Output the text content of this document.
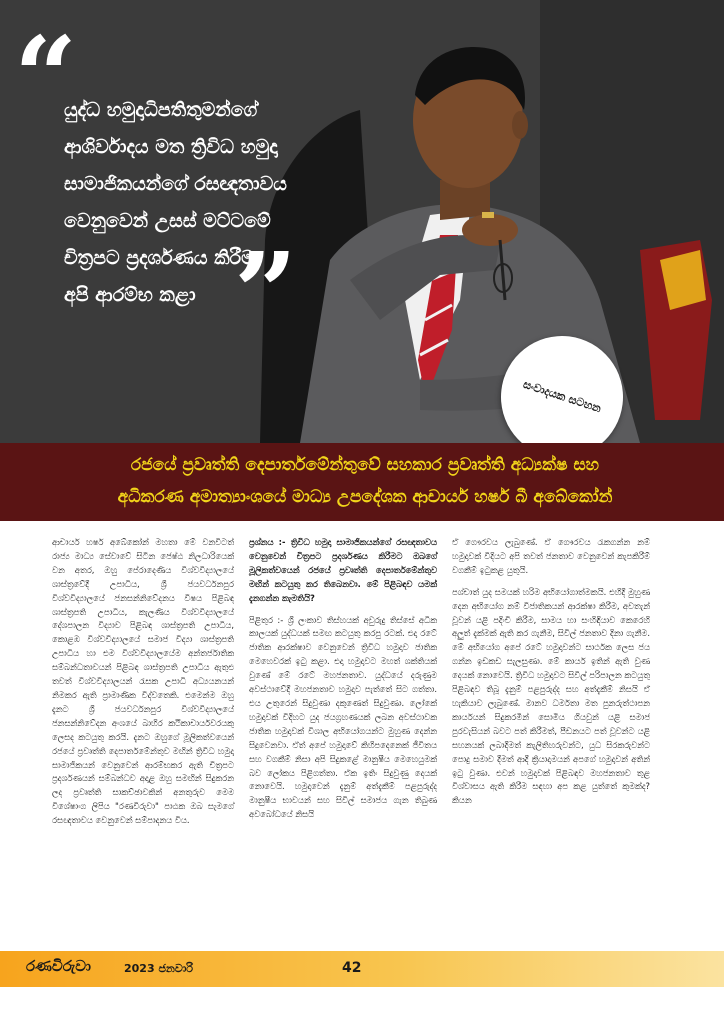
“
යුද්ධ හමුදාධිපතිතුමන්ගේ
ආශිර්වාදය මත ත්‍රිවිධ හමුදා
සාමාජිකයන්ගේ රසඥතාවය
වෙනුවෙන් උසස් මට්ටමේ
චිත්‍රපට ප්‍රදර්ශණය කිරීම
අපි ආරම්භ කළා ”
සංවාදයක සටහන
රජයේ ප්‍රවෘත්ති දෙපාර්තමේන්තුවේ සහකාර ප්‍රවෘත්ති අධ්‍යක්ෂ සහ
අධිකරණ අමාත්‍යාංශයේ මාධ්‍ය උපදේශක ආචාර්ය හර්ෂ බී අබේකෝන්

ආචාර්ය හර්ෂ අබේකෝන් මහතා මේ වනවිටත් රාජ්‍ය මාධ්‍ය සේවාවේ සිටින ජෙෂ්ඨ නිලධාරියෙක් වන අතර, ඔහු පේරාදෙණිය විශ්වවිද්‍යාලයේ ශාස්ත්‍රවේදී උපාධිය, ශ්‍රී ජයවර්ධනපුර විශ්වවිද්‍යාලයේ ජනසන්නිවේදනය විෂය පිළිබඳ ශාස්ත්‍රපති උපාධිය, කැලණිය විශ්වවිද්‍යාලයේ දේශපාලන විද්‍යාව පිළිබඳ ශාස්ත්‍රපති උපාධිය, කොළඹ විශ්වවිද්‍යාලයේ සමාජ විද්‍යා ශාස්ත්‍රපති උපාධිය හා එම විශ්වවිද්‍යාලයේම අන්තර්ජාතික සම්බන්ධතාවයන් පිළිබඳ ශාස්ත්‍රපති උපාධිය ඇතුළු තවත් විශ්වවිද්‍යාලයන් රැසක උපාධි අධ්‍යයනයන් නිමකර ඇති ප්‍රාමාණික විද්වතෙකි. එමෙන්ම ඔහු දැනට ශ්‍රී ජයවර්ධනපුර විශ්වවිද්‍යාලයේ ජනසන්නිවේදන අංශයේ බාහිර කථිකාචාර්යවරයකු ලෙසද කටයුතු කරයි. දැනට ඔහුගේ මූලිකත්වයෙන් රජයේ ප්‍රවෘත්ති දෙපාර්තමේන්තුව මඟින් ත්‍රිවිධ හමුදා සාමාජිකයන් වෙනුවෙන් ආරම්භකර ඇති චිත්‍රපට ප්‍රදර්ශණයන් සම්බන්ධව අදාළ ඔහු සමඟින් සිදුකරන ලද ප්‍රවෘත්ති සාකච්ඡාවකින් අනතුරුව මෙම විශේෂාංග ලිපිය "රණවිරුවා" පාඨක ඔබ සැමගේ රසඥතාවය වෙනුවෙන් සම්පාදනය විය.

ප්‍රශ්නය :- ත්‍රිවිධ හමුදා සාමාජිකයන්ගේ රසඥතාවය වෙනුවෙන් චිත්‍රපට ප්‍රදර්ශණය කිරීමට ඔබගේ මූලිකත්වයෙන් රජයේ ප්‍රවෘත්ති දෙපාර්තමේන්තුව මඟින් කටයුතු කර තිබෙනවා. මේ පිළිබඳව යමක් දැනගන්න කැමතියි?

පිළිතුර :- ශ්‍රී ලංකාව තිස්හයක් අවුරුදු තිස්සේ අධික කාලයක් යුද්ධයක් සමඟ කටයුතු කරපු රටක්. එදා රටේ ජාතික ආරක්ෂාව වෙනුවෙන් ත්‍රිවිධ හමුදාව ජාතික මෙහෙවරක් ඉටු කළා. එදා හමුදාවට මහත් ශක්තියක් වුණේ මේ රටේ මහජනතාව. යුද්ධයේ දරුණුම අවස්ථාවේදී මහජනතාව හමුදාව පැත්තේ සිට ගත්තා. එය උතුරෙන් සිදුවුණා දකුණෙත් සිදුවුණා. ලෝකේ හමුදාවක් විදිහට යුද ජයග්‍රහණයක් ලබන අවස්ථාවක ජාතික හමුදාවක් විශාල අභියෝගයන්ට මුහුණ දෙන්න සිදුවෙනවා. ඒත් අපේ හමුදාවේ කිහිපදෙනෙක් ජීවිතය සහ වගකීම් නිසා අපි සිදුකළේ මානුෂීය මෙහෙයුමක් බව ලෝකය පිළිගත්තා. ඒක ඉතිං සිදුවුණු දෙයක් නොවෙයි. හමුදාවෙන් දැනුම් අත්දැකීම් පළපුරුද්ද මානුෂීය භාවයන් සහ සිවිල් සමාජය ගැන තිබුණ අවබෝධයේ නිසයි

ඒ ගෞරවය ලැබුණේ. ඒ ගෞරවය රැකගන්න නම් හමුදාවක් විදියට අපි තවත් ජනතාව වෙනුවෙන් කැපකිරීම් වගකීම් ඉටුකළ යුතුයි.

පශ්චාත් යුද සමයක් හරිම අභියෝගාත්මකයි. එහිදී මුහුණ දෙන අභියෝග නම් විජාතිකයන් ආරක්ෂා කිරීම, අවතැන් වූවන් යළි පදිංචි කිරීම, සාමය හා සංහිඳියාව කෙරෙහි අලුත් දැක්මක් ඇති කර ගැනීම, සිවිල් ජනතාව දිනා ගැනීම. මේ අභියෝග අපේ රටේ හමුදාවන්ට සාර්ථක ලෙස ජය ගන්න ඉඩකඩ සැලසුණා. මේ කාර්ය ඉතින් ඇති වුණ දෙයක් නොවෙයි. ත්‍රිවිධ හමුදාවට සිවිල් පරිපාලන කටයුතු පිළිබඳව තිබූ දැනුම් පළපුරුද්ද සහ අත්දැකීම් නිසයි ඒ හැකියාව ලැබුණේ. මානව ධර්මතා මත පුනරුත්ථාපන කාර්යයන් සිදුකරමින් සොමිය ගියවුන් යළි සමාජ පුරවැසියන් බවට පත් කිරීමත්, පීඩනයට පත් වූවන්ට යළි සහනයක් ලබාදීමත් කැලිතිහරුවන්ට, යුධ සිරකරුවන්ට පොදු සමාව දීමත් ආදී ක්‍රියාදාමයන් අපගේ හමුදාවන් අතින් ඉටු වුණා. එවන් හමුදාවක් පිළිබඳව මහජනතාව තුළ විශ්වාසය ඇති කිරීම සඳහා අප කළ යුත්තේ කුමක්ද? කියන

රණවිරුවා	2023 ජනවාරි	42
